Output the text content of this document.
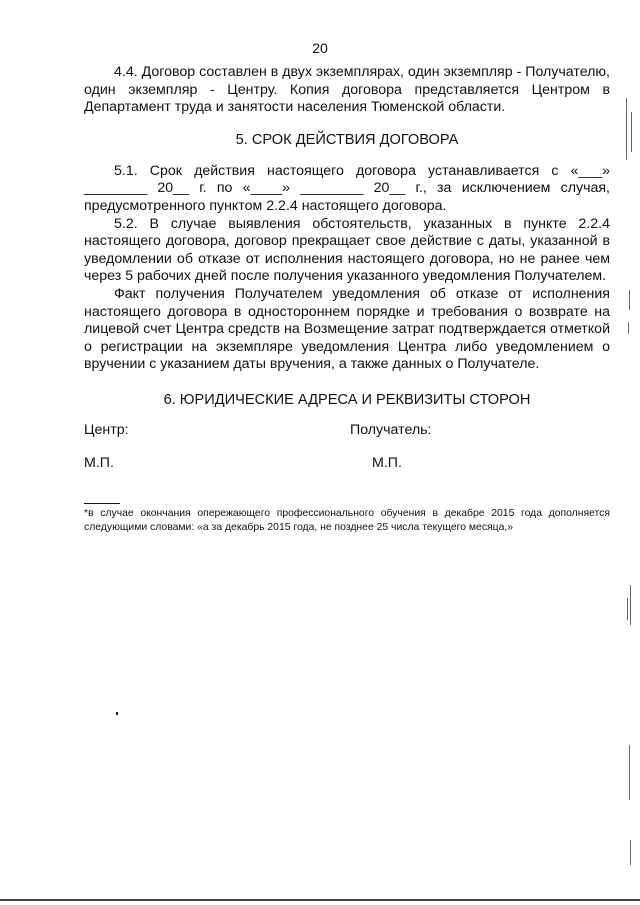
20

4.4. Договор составлен в двух экземплярах, один экземпляр - Получателю, один экземпляр - Центру. Копия договора представляется Центром в Департамент труда и занятости населения Тюменской области.

5. СРОК ДЕЙСТВИЯ ДОГОВОРА

5.1. Срок действия настоящего договора устанавливается с «___» ________ 20__ г. по «____» ________ 20__ г., за исключением случая, предусмотренного пунктом 2.2.4 настоящего договора.

5.2. В случае выявления обстоятельств, указанных в пункте 2.2.4 настоящего договора, договор прекращает свое действие с даты, указанной в уведомлении об отказе от исполнения настоящего договора, но не ранее чем через 5 рабочих дней после получения указанного уведомления Получателем.

Факт получения Получателем уведомления об отказе от исполнения настоящего договора в одностороннем порядке и требования о возврате на лицевой счет Центра средств на Возмещение затрат подтверждается отметкой о регистрации на экземпляре уведомления Центра либо уведомлением о вручении с указанием даты вручения, а также данных о Получателе.

6. ЮРИДИЧЕСКИЕ АДРЕСА И РЕКВИЗИТЫ СТОРОН
Центр:	Получатель:
М.П.	М.П.
*в случае окончания опережающего профессионального обучения в декабре 2015 года дополняется следующими словами: «а за декабрь 2015 года, не позднее 25 числа текущего месяца,»
